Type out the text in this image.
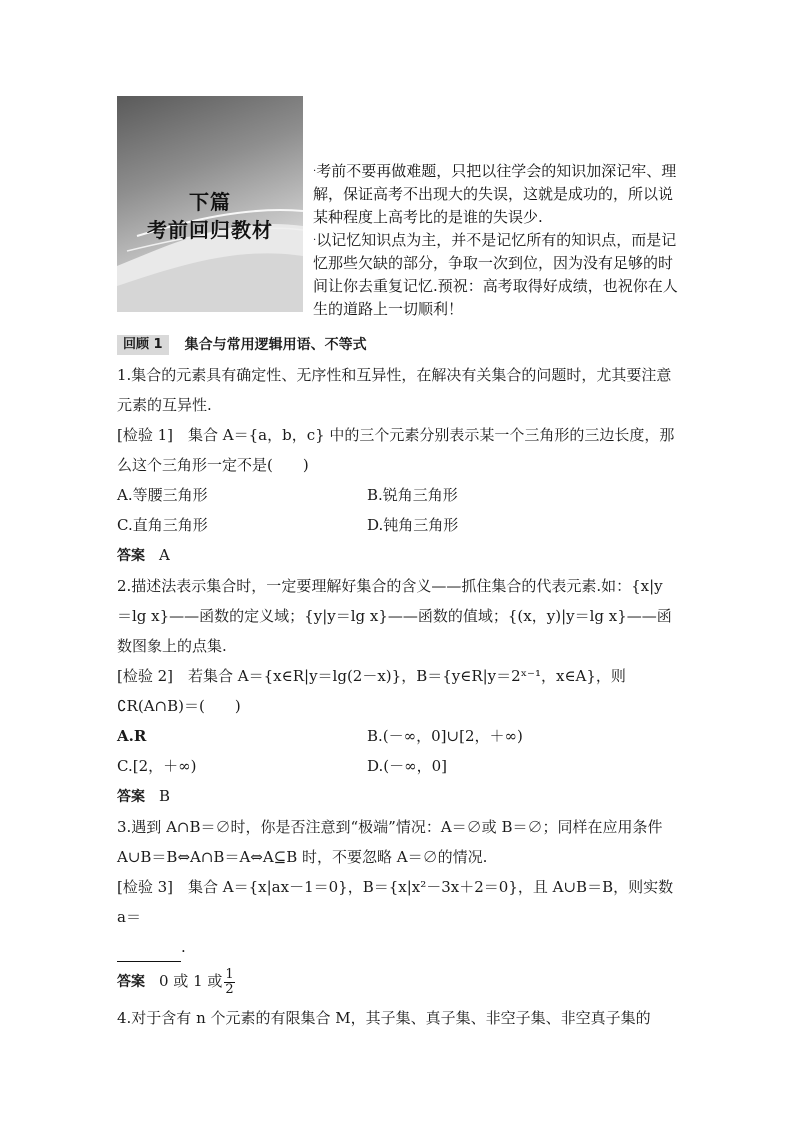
下篇
考前回归教材

·考前不要再做难题，只把以往学会的知识加深记牢、理解，保证高考不出现大的失误，这就是成功的，所以说某种程度上高考比的是谁的失误少.

·以记忆知识点为主，并不是记忆所有的知识点，而是记忆那些欠缺的部分，争取一次到位，因为没有足够的时间让你去重复记忆.预祝：高考取得好成绩，也祝你在人生的道路上一切顺利！

回顾 1	集合与常用逻辑用语、不等式

1.集合的元素具有确定性、无序性和互异性，在解决有关集合的问题时，尤其要注意元素的互异性.

[检验 1]　集合 A＝{a，b，c} 中的三个元素分别表示某一个三角形的三边长度，那么这个三角形一定不是(　　)

A.等腰三角形	B.锐角三角形
C.直角三角形	D.钝角三角形

答案 A

2.描述法表示集合时，一定要理解好集合的含义——抓住集合的代表元素.如：{x|y＝lg x}——函数的定义域；{y|y＝lg x}——函数的值域；{(x，y)|y＝lg x}——函数图象上的点集.

[检验 2]　若集合 A＝{x∈R|y＝lg(2－x)}，B＝{y∈R|y＝2ˣ⁻¹，x∈A}，则∁R(A∩B)＝(　　)

A.R	B.(－∞，0]∪[2，＋∞)
C.[2，＋∞)	D.(－∞，0]

答案 B

3.遇到 A∩B＝∅时，你是否注意到“极端”情况：A＝∅或 B＝∅；同样在应用条件 A∪B＝B⇔A∩B＝A⇔A⊆B 时，不要忽略 A＝∅的情况.

[检验 3]　集合 A＝{x|ax－1＝0}，B＝{x|x²－3x＋2＝0}，且 A∪B＝B，则实数 a＝
.

答案 0 或 1 或 $\frac{1}{2}$

4.对于含有 n 个元素的有限集合 M，其子集、真子集、非空子集、非空真子集的
